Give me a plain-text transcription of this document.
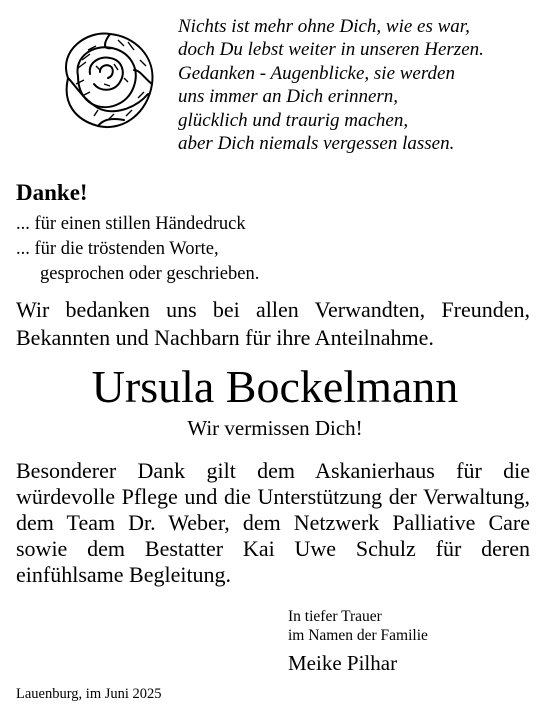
Nichts ist mehr ohne Dich, wie es war,
doch Du lebst weiter in unseren Herzen.
Gedanken - Augenblicke, sie werden
uns immer an Dich erinnern,
glücklich und traurig machen,
aber Dich niemals vergessen lassen.
Danke!
... für einen stillen Händedruck
... für die tröstenden Worte,
gesprochen oder geschrieben.
Wir bedanken uns bei allen Verwandten, Freunden, Bekannten und Nachbarn für ihre Anteilnahme.
Ursula Bockelmann
Wir vermissen Dich!
Besonderer Dank gilt dem Askanierhaus für die würdevolle Pflege und die Unterstützung der Verwaltung, dem Team Dr. Weber, dem Netzwerk Palliative Care sowie dem Bestatter Kai Uwe Schulz für deren einfühlsame Begleitung.
In tiefer Trauer
im Namen der Familie
Meike Pilhar
Lauenburg, im Juni 2025
